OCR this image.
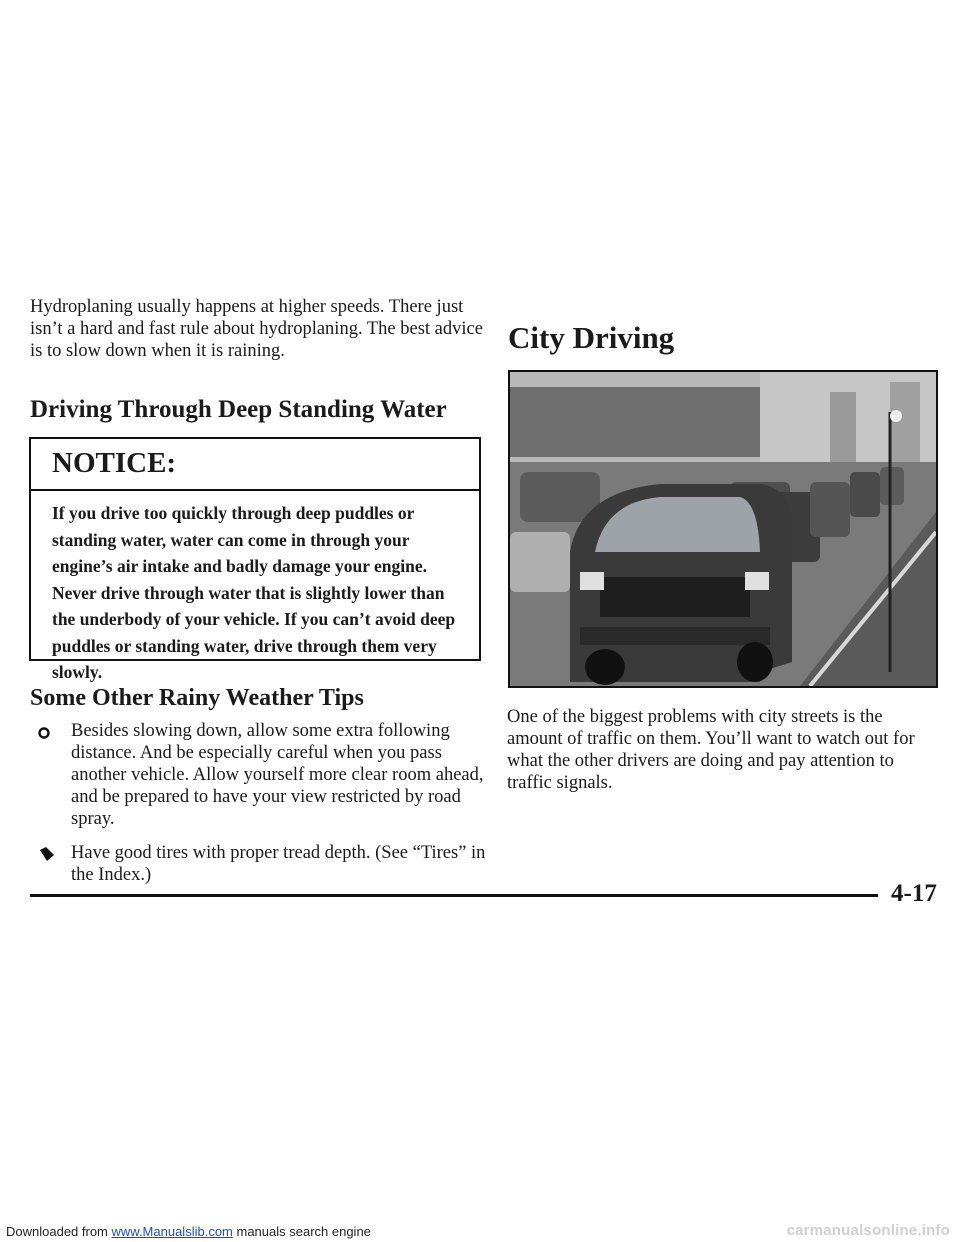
Hydroplaning usually happens at higher speeds. There just isn’t a hard and fast rule about hydroplaning. The best advice is to slow down when it is raining.

Driving Through Deep Standing Water
NOTICE:
If you drive too quickly through deep puddles or standing water, water can come in through your engine’s air intake and badly damage your engine. Never drive through water that is slightly lower than the underbody of your vehicle. If you can’t avoid deep puddles or standing water, drive through them very slowly.
Some Other Rainy Weather Tips
Besides slowing down, allow some extra following distance. And be especially careful when you pass another vehicle. Allow yourself more clear room ahead, and be prepared to have your view restricted by road spray.
Have good tires with proper tread depth. (See “Tires” in the Index.)
City Driving

One of the biggest problems with city streets is the amount of traffic on them. You’ll want to watch out for what the other drivers are doing and pay attention to traffic signals.

4-17
Downloaded from www.Manualslib.com manuals search engine	carmanualsonline.info
